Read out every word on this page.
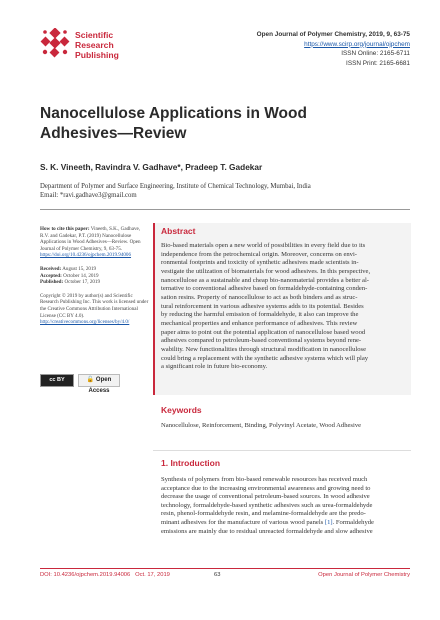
Scientific
Research
Publishing
Open Journal of Polymer Chemistry, 2019, 9, 63-75
https://www.scirp.org/journal/ojpchem
ISSN Online: 2165-6711
ISSN Print: 2165-6681
Nanocellulose Applications in Wood
Adhesives—Review
S. K. Vineeth, Ravindra V. Gadhave*, Pradeep T. Gadekar
Department of Polymer and Surface Engineering, Institute of Chemical Technology, Mumbai, India
Email: *ravi.gadhave3@gmail.com

How to cite this paper: Vineeth, S.K., Gadhave, R.V. and Gadekar, P.T. (2019) Nanocellulose Applications in Wood Adhesives—Review. Open Journal of Polymer Chemistry, 9, 63-75.
https://doi.org/10.4236/ojpchem.2019.94006

Received: August 15, 2019
Accepted: October 14, 2019
Published: October 17, 2019

Copyright © 2019 by author(s) and Scientific Research Publishing Inc. This work is licensed under the Creative Commons Attribution International License (CC BY 4.0).
http://creativecommons.org/licenses/by/4.0/

cc BY	🔓 Open Access
Abstract
Bio-based materials open a new world of possibilities in every field due to its
independence from the petrochemical origin. Moreover, concerns on envi-
ronmental footprints and toxicity of synthetic adhesives made scientists in-
vestigate the utilization of biomaterials for wood adhesives. In this perspective,
nanocellulose as a sustainable and cheap bio-nanomaterial provides a better al-
ternative to conventional adhesive based on formaldehyde-containing conden-
sation resins. Property of nanocellulose to act as both binders and as struc-
tural reinforcement in various adhesive systems adds to its potential. Besides
by reducing the harmful emission of formaldehyde, it also can improve the
mechanical properties and enhance performance of adhesives. This review
paper aims to point out the potential application of nanocellulose based wood
adhesives compared to petroleum-based conventional systems beyond rene-
wability. New functionalities through structural modification in nanocellulose
could bring a replacement with the synthetic adhesive systems which will play
a significant role in future bio-economy.
Keywords
Nanocellulose, Reinforcement, Binding, Polyvinyl Acetate, Wood Adhesive
1. Introduction
Synthesis of polymers from bio-based renewable resources has received much
acceptance due to the increasing environmental awareness and growing need to
decrease the usage of conventional petroleum-based sources. In wood adhesive
technology, formaldehyde-based synthetic adhesives such as urea-formaldehyde
resin, phenol-formaldehyde resin, and melamine-formaldehyde are the predo-
minant adhesives for the manufacture of various wood panels [1]. Formaldehyde
emissions are mainly due to residual unreacted formaldehyde and slow adhesive
DOI: 10.4236/ojpchem.2019.94006 Oct. 17, 2019	63	Open Journal of Polymer Chemistry
